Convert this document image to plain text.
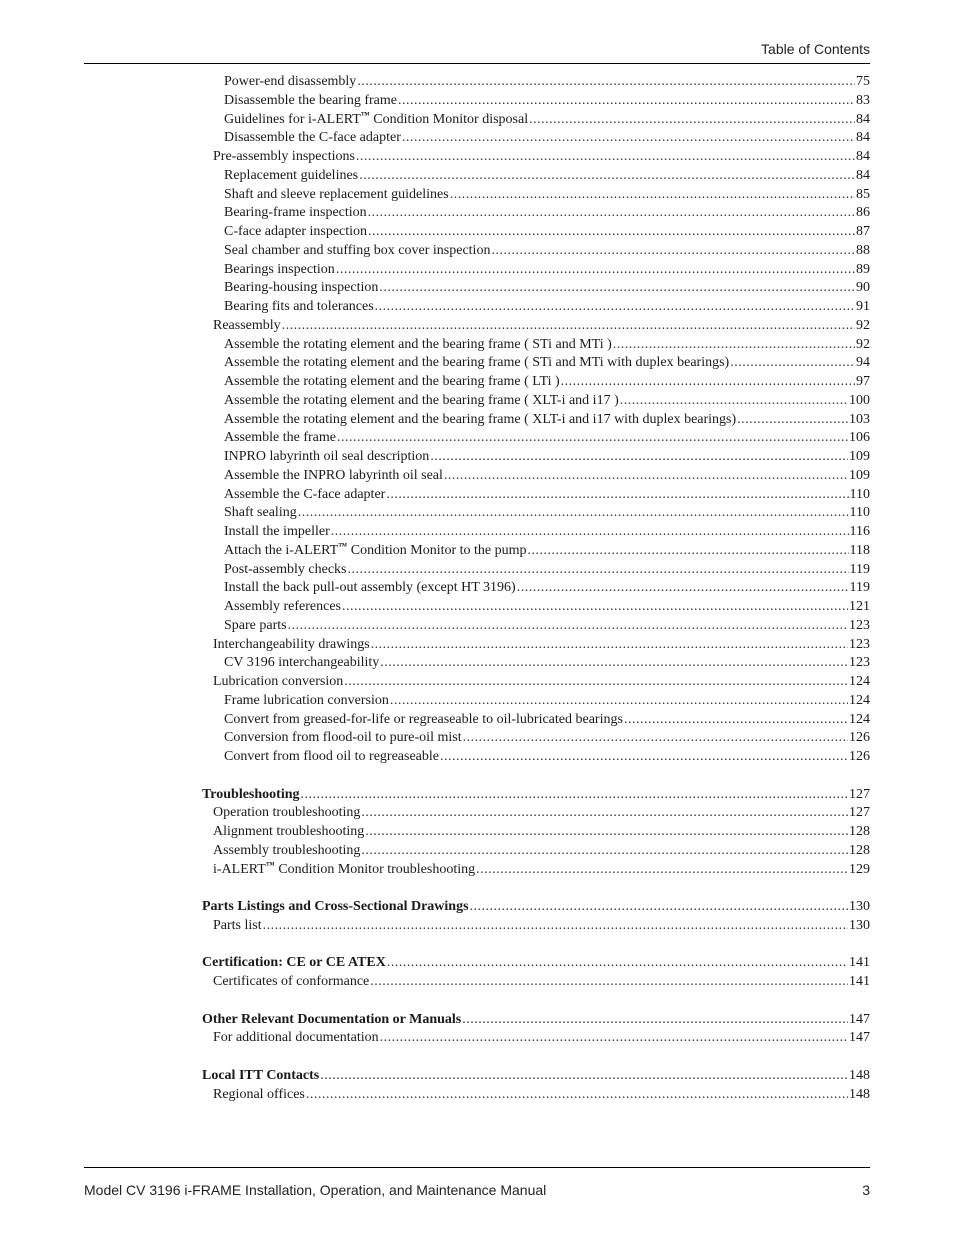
Table of Contents
Power-end disassembly .....	75
Disassemble the bearing frame .....	83
Guidelines for i-ALERT™ Condition Monitor disposal .....	84
Disassemble the C-face adapter .....	84
Pre-assembly inspections .....	84
Replacement guidelines .....	84
Shaft and sleeve replacement guidelines .....	85
Bearing-frame inspection .....	86
C-face adapter inspection .....	87
Seal chamber and stuffing box cover inspection .....	88
Bearings inspection .....	89
Bearing-housing inspection .....	90
Bearing fits and tolerances .....	91
Reassembly .....	92
Assemble the rotating element and the bearing frame ( STi and MTi ) .....	92
Assemble the rotating element and the bearing frame ( STi and MTi with duplex bearings) .....	94
Assemble the rotating element and the bearing frame ( LTi ) .....	97
Assemble the rotating element and the bearing frame ( XLT-i and i17 ) .....	100
Assemble the rotating element and the bearing frame ( XLT-i and i17 with duplex bearings) .....	103
Assemble the frame .....	106
INPRO labyrinth oil seal description .....	109
Assemble the INPRO labyrinth oil seal .....	109
Assemble the C-face adapter .....	110
Shaft sealing .....	110
Install the impeller .....	116
Attach the i-ALERT™ Condition Monitor to the pump .....	118
Post-assembly checks .....	119
Install the back pull-out assembly (except HT 3196) .....	119
Assembly references .....	121
Spare parts .....	123
Interchangeability drawings .....	123
CV 3196 interchangeability .....	123
Lubrication conversion .....	124
Frame lubrication conversion .....	124
Convert from greased-for-life or regreaseable to oil-lubricated bearings .....	124
Conversion from flood-oil to pure-oil mist .....	126
Convert from flood oil to regreaseable .....	126
Troubleshooting .....	127
Operation troubleshooting .....	127
Alignment troubleshooting .....	128
Assembly troubleshooting .....	128
i-ALERT™ Condition Monitor troubleshooting .....	129
Parts Listings and Cross-Sectional Drawings .....	130
Parts list .....	130
Certification: CE or CE ATEX .....	141
Certificates of conformance .....	141
Other Relevant Documentation or Manuals .....	147
For additional documentation .....	147
Local ITT Contacts .....	148
Regional offices .....	148
Model CV 3196 i-FRAME Installation, Operation, and Maintenance Manual	3
